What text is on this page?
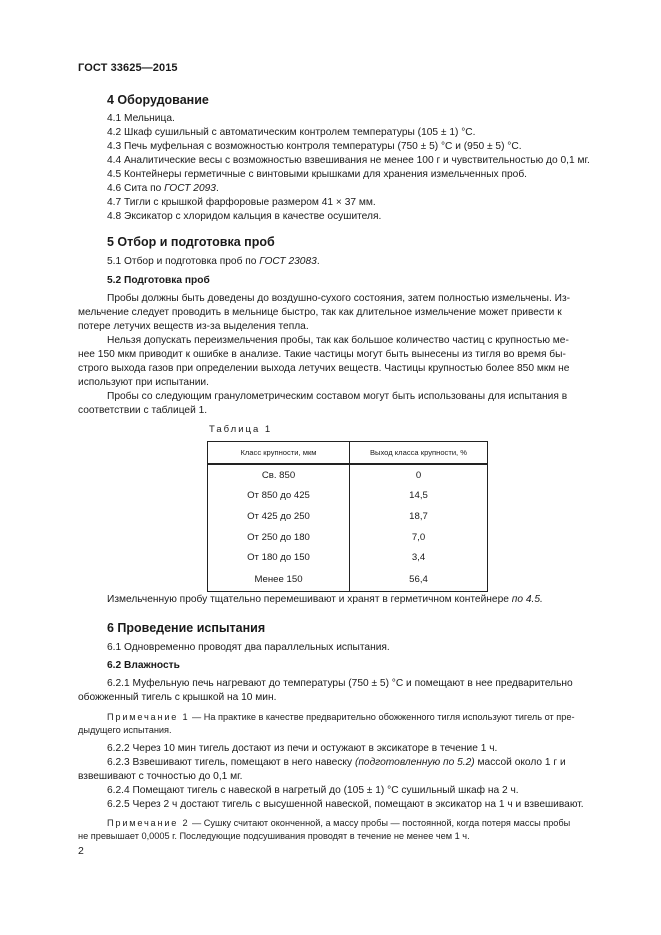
ГОСТ 33625—2015
4 Оборудование
4.1 Мельница.
4.2 Шкаф сушильный с автоматическим контролем температуры (105 ± 1) °С.
4.3 Печь муфельная с возможностью контроля температуры (750 ± 5) °С и (950 ± 5) °С.
4.4 Аналитические весы с возможностью взвешивания не менее 100 г и чувствительностью до 0,1 мг.
4.5 Контейнеры герметичные с винтовыми крышками для хранения измельченных проб.
4.6 Сита по ГОСТ 2093.
4.7 Тигли с крышкой фарфоровые размером 41 × 37 мм.
4.8 Эксикатор с хлоридом кальция в качестве осушителя.
5 Отбор и подготовка проб
5.1 Отбор и подготовка проб по ГОСТ 23083.
5.2 Подготовка проб
Пробы должны быть доведены до воздушно-сухого состояния, затем полностью измельчены. Из-
мельчение следует проводить в мельнице быстро, так как длительное измельчение может привести к
потере летучих веществ из-за выделения тепла.
Нельзя допускать переизмельчения пробы, так как большое количество частиц с крупностью ме-
нее 150 мкм приводит к ошибке в анализе. Такие частицы могут быть вынесены из тигля во время бы-
строго выхода газов при определении выхода летучих веществ. Частицы крупностью более 850 мкм не
используют при испытании.
Пробы со следующим гранулометрическим составом могут быть использованы для испытания в
соответствии с таблицей 1.
Таблица 1
Класс крупности, мкм	Выход класса крупности, %
Св. 850	0
От 850 до 425	14,5
От 425 до 250	18,7
От 250 до 180	7,0
От 180 до 150	3,4
Менее 150	56,4
Измельченную пробу тщательно перемешивают и хранят в герметичном контейнере по 4.5.
6 Проведение испытания
6.1 Одновременно проводят два параллельных испытания.
6.2 Влажность
6.2.1 Муфельную печь нагревают до температуры (750 ± 5) °С и помещают в нее предварительно
обожженный тигель с крышкой на 10 мин.
Примечание 1 — На практике в качестве предварительно обожженного тигля используют тигель от пре-
дыдущего испытания.
6.2.2 Через 10 мин тигель достают из печи и остужают в эксикаторе в течение 1 ч.
6.2.3 Взвешивают тигель, помещают в него навеску (подготовленную по 5.2) массой около 1 г и
взвешивают с точностью до 0,1 мг.
6.2.4 Помещают тигель с навеской в нагретый до (105 ± 1) °С сушильный шкаф на 2 ч.
6.2.5 Через 2 ч достают тигель с высушенной навеской, помещают в эксикатор на 1 ч и взвешивают.
Примечание 2 — Сушку считают оконченной, а массу пробы — постоянной, когда потеря массы пробы
не превышает 0,0005 г. Последующие подсушивания проводят в течение не менее чем 1 ч.
2
